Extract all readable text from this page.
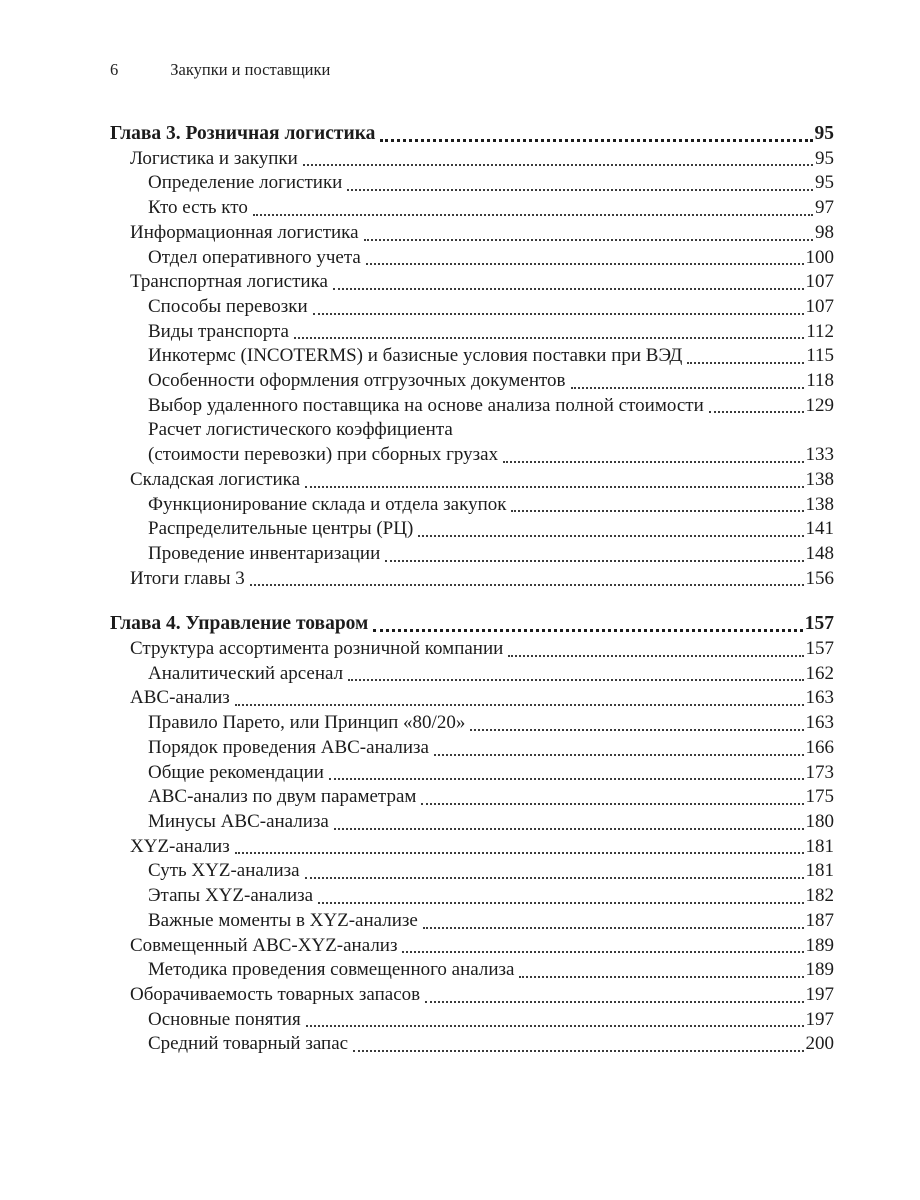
6	Закупки и поставщики
Глава 3. Розничная логистика	95
Логистика и закупки	95
Определение логистики	95
Кто есть кто	97
Информационная логистика	98
Отдел оперативного учета	100
Транспортная логистика	107
Способы перевозки	107
Виды транспорта	112
Инкотермс (INCOTERMS) и базисные условия поставки при ВЭД	115
Особенности оформления отгрузочных документов	118
Выбор удаленного поставщика на основе анализа полной стоимости	129
Расчет логистического коэффициента
(стоимости перевозки) при сборных грузах	133
Складская логистика	138
Функционирование склада и отдела закупок	138
Распределительные центры (РЦ)	141
Проведение инвентаризации	148
Итоги главы 3	156
Глава 4. Управление товаром	157
Структура ассортимента розничной компании	157
Аналитический арсенал	162
ABC-анализ	163
Правило Парето, или Принцип «80/20»	163
Порядок проведения ABC-анализа	166
Общие рекомендации	173
ABC-анализ по двум параметрам	175
Минусы ABC-анализа	180
XYZ-анализ	181
Суть XYZ-анализа	181
Этапы XYZ-анализа	182
Важные моменты в XYZ-анализе	187
Совмещенный ABC-XYZ-анализ	189
Методика проведения совмещенного анализа	189
Оборачиваемость товарных запасов	197
Основные понятия	197
Средний товарный запас	200
